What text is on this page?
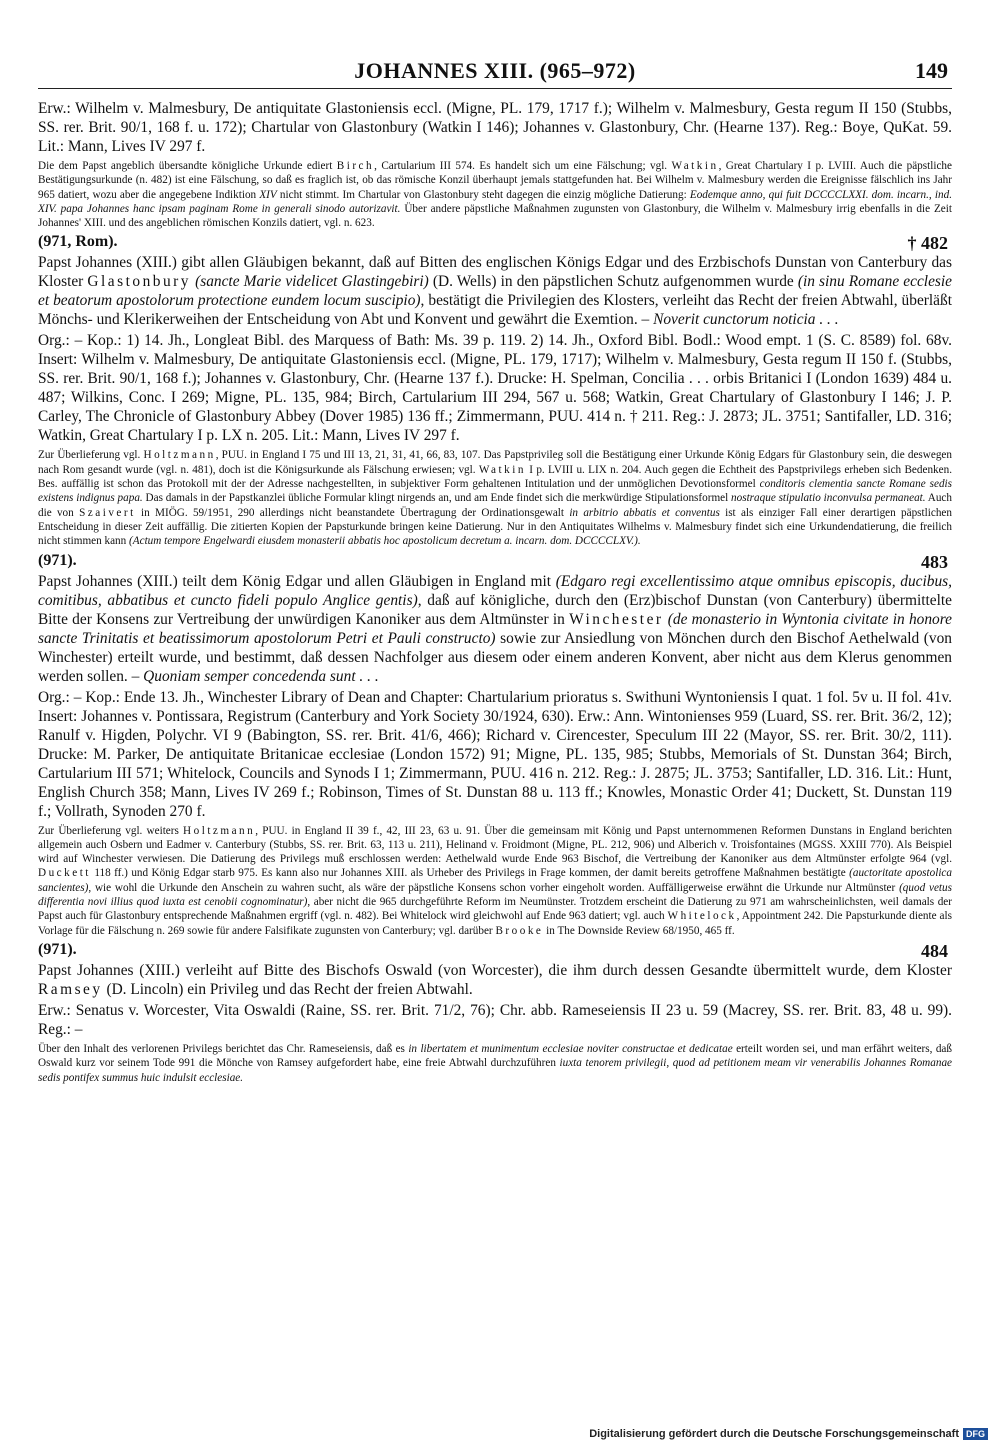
JOHANNES XIII. (965–972)	149

Erw.: Wilhelm v. Malmesbury, De antiquitate Glastoniensis eccl. (Migne, PL. 179, 1717 f.); Wilhelm v. Malmesbury, Gesta regum II 150 (Stubbs, SS. rer. Brit. 90/1, 168 f. u. 172); Chartular von Glastonbury (Watkin I 146); Johannes v. Glastonbury, Chr. (Hearne 137). Reg.: Boye, QuKat. 59. Lit.: Mann, Lives IV 297 f.

Die dem Papst angeblich übersandte königliche Urkunde ediert Birch, Cartularium III 574. Es handelt sich um eine Fälschung; vgl. Watkin, Great Chartulary I p. LVIII. Auch die päpstliche Bestätigungsurkunde (n. 482) ist eine Fälschung, so daß es fraglich ist, ob das römische Konzil überhaupt jemals stattgefunden hat. Bei Wilhelm v. Malmesbury werden die Ereignisse fälschlich ins Jahr 965 datiert, wozu aber die angegebene Indiktion XIV nicht stimmt. Im Chartular von Glastonbury steht dagegen die einzig mögliche Datierung: Eodemque anno, qui fuit DCCCCLXXI. dom. incarn., ind. XIV. papa Johannes hanc ipsam paginam Rome in generali sinodo autorizavit. Über andere päpstliche Maßnahmen zugunsten von Glastonbury, die Wilhelm v. Malmesbury irrig ebenfalls in die Zeit Johannes' XIII. und des angeblichen römischen Konzils datiert, vgl. n. 623.

(971, Rom).	† 482

Papst Johannes (XIII.) gibt allen Gläubigen bekannt, daß auf Bitten des englischen Königs Edgar und des Erzbischofs Dunstan von Canterbury das Kloster Glastonbury (sancte Marie videlicet Glastingebiri) (D. Wells) in den päpstlichen Schutz aufgenommen wurde (in sinu Romane ecclesie et beatorum apostolorum protectione eundem locum suscipio), bestätigt die Privilegien des Klosters, verleiht das Recht der freien Abtwahl, überläßt Mönchs- und Klerikerweihen der Entscheidung von Abt und Konvent und gewährt die Exemtion. – Noverit cunctorum noticia . . .

Org.: – Kop.: 1) 14. Jh., Longleat Bibl. des Marquess of Bath: Ms. 39 p. 119. 2) 14. Jh., Oxford Bibl. Bodl.: Wood empt. 1 (S. C. 8589) fol. 68v. Insert: Wilhelm v. Malmesbury, De antiquitate Glastoniensis eccl. (Migne, PL. 179, 1717); Wilhelm v. Malmesbury, Gesta regum II 150 f. (Stubbs, SS. rer. Brit. 90/1, 168 f.); Johannes v. Glastonbury, Chr. (Hearne 137 f.). Drucke: H. Spelman, Concilia . . . orbis Britanici I (London 1639) 484 u. 487; Wilkins, Conc. I 269; Migne, PL. 135, 984; Birch, Cartularium III 294, 567 u. 568; Watkin, Great Chartulary of Glastonbury I 146; J. P. Carley, The Chronicle of Glastonbury Abbey (Dover 1985) 136 ff.; Zimmermann, PUU. 414 n. † 211. Reg.: J. 2873; JL. 3751; Santifaller, LD. 316; Watkin, Great Chartulary I p. LX n. 205. Lit.: Mann, Lives IV 297 f.

Zur Überlieferung vgl. Holtzmann, PUU. in England I 75 und III 13, 21, 31, 41, 66, 83, 107. Das Papstprivileg soll die Bestätigung einer Urkunde König Edgars für Glastonbury sein, die deswegen nach Rom gesandt wurde (vgl. n. 481), doch ist die Königsurkunde als Fälschung erwiesen; vgl. Watkin I p. LVIII u. LIX n. 204. Auch gegen die Echtheit des Papstprivilegs erheben sich Bedenken. Bes. auffällig ist schon das Protokoll mit der der Adresse nachgestellten, in subjektiver Form gehaltenen Intitulation und der unmöglichen Devotionsformel conditoris clementia sancte Romane sedis existens indignus papa. Das damals in der Papstkanzlei übliche Formular klingt nirgends an, und am Ende findet sich die merkwürdige Stipulationsformel nostraque stipulatio inconvulsa permaneat. Auch die von Szaivert in MIÖG. 59/1951, 290 allerdings nicht beanstandete Übertragung der Ordinationsgewalt in arbitrio abbatis et conventus ist als einziger Fall einer derartigen päpstlichen Entscheidung in dieser Zeit auffällig. Die zitierten Kopien der Papsturkunde bringen keine Datierung. Nur in den Antiquitates Wilhelms v. Malmesbury findet sich eine Urkundendatierung, die freilich nicht stimmen kann (Actum tempore Engelwardi eiusdem monasterii abbatis hoc apostolicum decretum a. incarn. dom. DCCCCLXV.).

(971).	483

Papst Johannes (XIII.) teilt dem König Edgar und allen Gläubigen in England mit (Edgaro regi excellentissimo atque omnibus episcopis, ducibus, comitibus, abbatibus et cuncto fideli populo Anglice gentis), daß auf königliche, durch den (Erz)bischof Dunstan (von Canterbury) übermittelte Bitte der Konsens zur Vertreibung der unwürdigen Kanoniker aus dem Altmünster in Winchester (de monasterio in Wyntonia civitate in honore sancte Trinitatis et beatissimorum apostolorum Petri et Pauli constructo) sowie zur Ansiedlung von Mönchen durch den Bischof Aethelwald (von Winchester) erteilt wurde, und bestimmt, daß dessen Nachfolger aus diesem oder einem anderen Konvent, aber nicht aus dem Klerus genommen werden sollen. – Quoniam semper concedenda sunt . . .

Org.: – Kop.: Ende 13. Jh., Winchester Library of Dean and Chapter: Chartularium prioratus s. Swithuni Wyntoniensis I quat. 1 fol. 5v u. II fol. 41v. Insert: Johannes v. Pontissara, Registrum (Canterbury and York Society 30/1924, 630). Erw.: Ann. Wintonienses 959 (Luard, SS. rer. Brit. 36/2, 12); Ranulf v. Higden, Polychr. VI 9 (Babington, SS. rer. Brit. 41/6, 466); Richard v. Cirencester, Speculum III 22 (Mayor, SS. rer. Brit. 30/2, 111). Drucke: M. Parker, De antiquitate Britanicae ecclesiae (London 1572) 91; Migne, PL. 135, 985; Stubbs, Memorials of St. Dunstan 364; Birch, Cartularium III 571; Whitelock, Councils and Synods I 1; Zimmermann, PUU. 416 n. 212. Reg.: J. 2875; JL. 3753; Santifaller, LD. 316. Lit.: Hunt, English Church 358; Mann, Lives IV 269 f.; Robinson, Times of St. Dunstan 88 u. 113 ff.; Knowles, Monastic Order 41; Duckett, St. Dunstan 119 f.; Vollrath, Synoden 270 f.

Zur Überlieferung vgl. weiters Holtzmann, PUU. in England II 39 f., 42, III 23, 63 u. 91. Über die gemeinsam mit König und Papst unternommenen Reformen Dunstans in England berichten allgemein auch Osbern und Eadmer v. Canterbury (Stubbs, SS. rer. Brit. 63, 113 u. 211), Helinand v. Froidmont (Migne, PL. 212, 906) und Alberich v. Troisfontaines (MGSS. XXIII 770). Als Beispiel wird auf Winchester verwiesen. Die Datierung des Privilegs muß erschlossen werden: Aethelwald wurde Ende 963 Bischof, die Vertreibung der Kanoniker aus dem Altmünster erfolgte 964 (vgl. Duckett 118 ff.) und König Edgar starb 975. Es kann also nur Johannes XIII. als Urheber des Privilegs in Frage kommen, der damit bereits getroffene Maßnahmen bestätigte (auctoritate apostolica sancientes), wie wohl die Urkunde den Anschein zu wahren sucht, als wäre der päpstliche Konsens schon vorher eingeholt worden. Auffälligerweise erwähnt die Urkunde nur Altmünster (quod vetus differentia novi illius quod iuxta est cenobii cognominatur), aber nicht die 965 durchgeführte Reform im Neumünster. Trotzdem erscheint die Datierung zu 971 am wahrscheinlichsten, weil damals der Papst auch für Glastonbury entsprechende Maßnahmen ergriff (vgl. n. 482). Bei Whitelock wird gleichwohl auf Ende 963 datiert; vgl. auch Whitelock, Appointment 242. Die Papsturkunde diente als Vorlage für die Fälschung n. 269 sowie für andere Falsifikate zugunsten von Canterbury; vgl. darüber Brooke in The Downside Review 68/1950, 465 ff.

(971).	484

Papst Johannes (XIII.) verleiht auf Bitte des Bischofs Oswald (von Worcester), die ihm durch dessen Gesandte übermittelt wurde, dem Kloster Ramsey (D. Lincoln) ein Privileg und das Recht der freien Abtwahl.

Erw.: Senatus v. Worcester, Vita Oswaldi (Raine, SS. rer. Brit. 71/2, 76); Chr. abb. Rameseiensis II 23 u. 59 (Macrey, SS. rer. Brit. 83, 48 u. 99). Reg.: –

Über den Inhalt des verlorenen Privilegs berichtet das Chr. Rameseiensis, daß es in libertatem et munimentum ecclesiae noviter constructae et dedicatae erteilt worden sei, und man erfährt weiters, daß Oswald kurz vor seinem Tode 991 die Mönche von Ramsey aufgefordert habe, eine freie Abtwahl durchzuführen iuxta tenorem privilegii, quod ad petitionem meam vir venerabilis Johannes Romanae sedis pontifex summus huic indulsit ecclesiae.

Digitalisierung gefördert durch die Deutsche Forschungsgemeinschaft DFG
